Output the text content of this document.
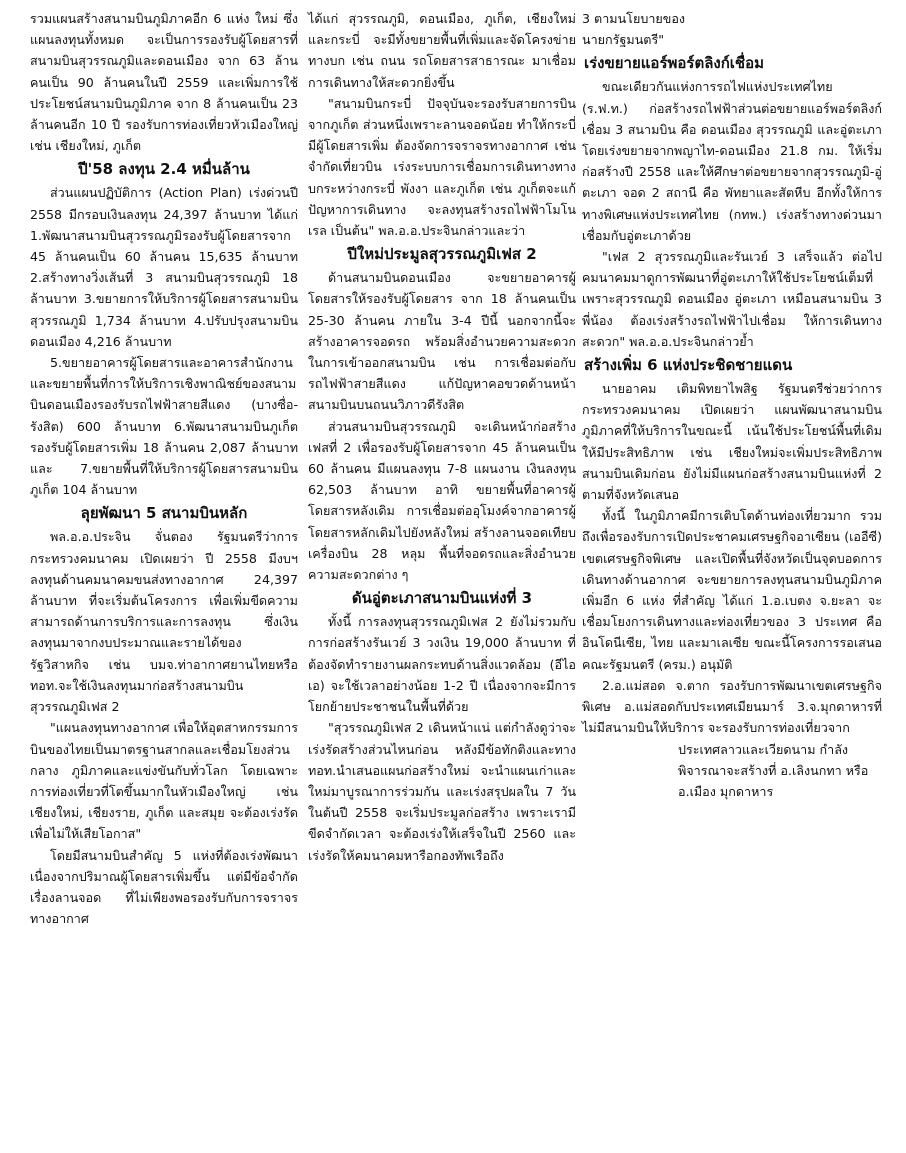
รวมแผนสร้างสนามบินภูมิภาคอีก 6 แห่ง ใหม่ ซึ่งแผนลงทุนทั้งหมด จะเป็นการรองรับผู้โดยสารที่สนามบินสุวรรณภูมิและดอนเมือง จาก 63 ล้านคนเป็น 90 ล้านคนในปี 2559 และเพิ่มการใช้ประโยชน์สนามบินภูมิภาค จาก 8 ล้านคนเป็น 23 ล้านคนอีก 10 ปี รองรับการท่องเที่ยวหัวเมืองใหญ่ เช่น เชียงใหม่, ภูเก็ต

ปี'58 ลงทุน 2.4 หมื่นล้าน

ส่วนแผนปฏิบัติการ (Action Plan) เร่งด่วนปี 2558 มีกรอบเงินลงทุน 24,397 ล้านบาท ได้แก่ 1.พัฒนาสนามบินสุวรรณภูมิรองรับผู้โดยสารจาก 45 ล้านคนเป็น 60 ล้านคน 15,635 ล้านบาท 2.สร้างทางวิ่งเส้นที่ 3 สนามบินสุวรรณภูมิ 18 ล้านบาท 3.ขยายการให้บริการผู้โดยสารสนามบินสุวรรณภูมิ 1,734 ล้านบาท 4.ปรับปรุงสนามบินดอนเมือง 4,216 ล้านบาท

5.ขยายอาคารผู้โดยสารและอาคารสำนักงานและขยายพื้นที่การให้บริการเชิงพาณิชย์ของสนามบินดอนเมืองรองรับรถไฟฟ้าสายสีแดง (บางซื่อ-รังสิต) 600 ล้านบาท 6.พัฒนาสนามบินภูเก็ตรองรับผู้โดยสารเพิ่ม 18 ล้านคน 2,087 ล้านบาท และ 7.ขยายพื้นที่ให้บริการผู้โดยสารสนามบินภูเก็ต 104 ล้านบาท

ลุยพัฒนา 5 สนามบินหลัก

พล.อ.อ.ประจิน จั่นตอง รัฐมนตรีว่าการกระทรวงคมนาคม เปิดเผยว่า ปี 2558 มีงบฯลงทุนด้านคมนาคมขนส่งทางอากาศ 24,397 ล้านบาท ที่จะเริ่มต้นโครงการ เพื่อเพิ่มขีดความสามารถด้านการบริการและการลงทุน ซึ่งเงินลงทุนมาจากงบประมาณและรายได้ของรัฐวิสาหกิจ เช่น บมจ.ท่าอากาศยานไทยหรือ ทอท.จะใช้เงินลงทุนมาก่อสร้างสนามบินสุวรรณภูมิเฟส 2

"แผนลงทุนทางอากาศ เพื่อให้อุตสาหกรรมการบินของไทยเป็นมาตรฐานสากลและเชื่อมโยงส่วนกลาง ภูมิภาคและแข่งขันกับทั่วโลก โดยเฉพาะการท่องเที่ยวที่โตขึ้นมากในหัวเมืองใหญ่ เช่น เชียงใหม่, เชียงราย, ภูเก็ต และสมุย จะต้องเร่งรัดเพื่อไม่ให้เสียโอกาส"

โดยมีสนามบินสำคัญ 5 แห่งที่ต้องเร่งพัฒนา เนื่องจากปริมาณผู้โดยสารเพิ่มขึ้น แต่มีข้อจำกัดเรื่องลานจอด ที่ไม่เพียงพอรองรับกับการจราจรทางอากาศ

ได้แก่ สุวรรณภูมิ, ดอนเมือง, ภูเก็ต, เชียงใหม่ และกระบี่ จะมีทั้งขยายพื้นที่เพิ่มและจัดโครงข่ายทางบก เช่น ถนน รถโดยสารสาธารณะ มาเชื่อมการเดินทางให้สะดวกยิ่งขึ้น

"สนามบินกระบี่ ปัจจุบันจะรองรับสายการบินจากภูเก็ต ส่วนหนึ่งเพราะลานจอดน้อย ทำให้กระบี่มีผู้โดยสารเพิ่ม ต้องจัดการจราจรทางอากาศ เช่น จำกัดเที่ยวบิน เร่งระบบการเชื่อมการเดินทางทางบกระหว่างกระบี่ พังงา และภูเก็ต เช่น ภูเก็ตจะแก้ปัญหาการเดินทาง จะลงทุนสร้างรถไฟฟ้าโมโนเรล เป็นต้น" พล.อ.อ.ประจินกล่าวและว่า

ปีใหม่ประมูลสุวรรณภูมิเฟส 2

ด้านสนามบินดอนเมือง จะขยายอาคารผู้โดยสารให้รองรับผู้โดยสาร จาก 18 ล้านคนเป็น 25-30 ล้านคน ภายใน 3-4 ปีนี้ นอกจากนี้จะสร้างอาคารจอดรถ พร้อมสิ่งอำนวยความสะดวกในการเข้าออกสนามบิน เช่น การเชื่อมต่อกับรถไฟฟ้าสายสีแดง แก้ปัญหาคอขวดด้านหน้าสนามบินบนถนนวิภาวดีรังสิต

ส่วนสนามบินสุวรรณภูมิ จะเดินหน้าก่อสร้างเฟสที่ 2 เพื่อรองรับผู้โดยสารจาก 45 ล้านคนเป็น 60 ล้านคน มีแผนลงทุน 7-8 แผนงาน เงินลงทุน 62,503 ล้านบาท อาทิ ขยายพื้นที่อาคารผู้โดยสารหลังเดิม การเชื่อมต่ออุโมงค์จากอาคารผู้โดยสารหลักเดิมไปยังหลังใหม่ สร้างลานจอดเทียบเครื่องบิน 28 หลุม พื้นที่จอดรถและสิ่งอำนวยความสะดวกต่าง ๆ

ดันอู่ตะเภาสนามบินแห่งที่ 3

ทั้งนี้ การลงทุนสุวรรณภูมิเฟส 2 ยังไม่รวมกับการก่อสร้างรันเวย์ 3 วงเงิน 19,000 ล้านบาท ที่ต้องจัดทำรายงานผลกระทบด้านสิ่งแวดล้อม (อีไอเอ) จะใช้เวลาอย่างน้อย 1-2 ปี เนื่องจากจะมีการโยกย้ายประชาชนในพื้นที่ด้วย

"สุวรรณภูมิเฟส 2 เดินหน้าแน่ แต่กำลังดูว่าจะเร่งรัดสร้างส่วนไหนก่อน หลังมีข้อทักติงและทาง ทอท.นำเสนอแผนก่อสร้างใหม่ จะนำแผนเก่าและใหม่มาบูรณาการร่วมกัน และเร่งสรุปผลใน 7 วัน ในต้นปี 2558 จะเริ่มประมูลก่อสร้าง เพราะเรามีขีดจำกัดเวลา จะต้องเร่งให้เสร็จในปี 2560 และเร่งรัดให้คมนาคมหารือกองทัพเรือถึง

3 ตามนโยบายของ

นายกรัฐมนตรี"

เร่งขยายแอร์พอร์ตลิงก์เชื่อม

ขณะเดียวกันแห่งการรถไฟแห่งประเทศไทย (ร.ฟ.ท.) ก่อสร้างรถไฟฟ้าส่วนต่อขยายแอร์พอร์ตลิงก์ เชื่อม 3 สนามบิน คือ ดอนเมือง สุวรรณภูมิ และอู่ตะเภา โดยเร่งขยายจากพญาไท-ดอนเมือง 21.8 กม. ให้เริ่มก่อสร้างปี 2558 และให้ศึกษาต่อขยายจากสุวรรณภูมิ-อู่ตะเภา จอด 2 สถานี คือ พัทยาและสัตหีบ อีกทั้งให้การทางพิเศษแห่งประเทศไทย (กทพ.) เร่งสร้างทางด่วนมาเชื่อมกับอู่ตะเภาด้วย

"เฟส 2 สุวรรณภูมิและรันเวย์ 3 เสร็จแล้ว ต่อไปคมนาคมมาดูการพัฒนาที่อู่ตะเภาให้ใช้ประโยชน์เต็มที่ เพราะสุวรรณภูมิ ดอนเมือง อู่ตะเภา เหมือนสนามบิน 3 พี่น้อง ต้องเร่งสร้างรถไฟฟ้าไปเชื่อม ให้การเดินทางสะดวก" พล.อ.อ.ประจินกล่าวย้ำ

สร้างเพิ่ม 6 แห่งประชิดชายแดน

นายอาคม เติมพิทยาไพสิฐ รัฐมนตรีช่วยว่าการกระทรวงคมนาคม เปิดเผยว่า แผนพัฒนาสนามบินภูมิภาคที่ให้บริการในขณะนี้ เน้นใช้ประโยชน์พื้นที่เดิมให้มีประสิทธิภาพ เช่น เชียงใหม่จะเพิ่มประสิทธิภาพสนามบินเดิมก่อน ยังไม่มีแผนก่อสร้างสนามบินแห่งที่ 2 ตามที่จังหวัดเสนอ

ทั้งนี้ ในภูมิภาคมีการเติบโตด้านท่องเที่ยวมาก รวมถึงเพื่อรองรับการเปิดประชาคมเศรษฐกิจอาเซียน (เออีซี) เขตเศรษฐกิจพิเศษ และเปิดพื้นที่จังหวัดเป็นจุดบอดการเดินทางด้านอากาศ จะขยายการลงทุนสนามบินภูมิภาคเพิ่มอีก 6 แห่ง ที่สำคัญ ได้แก่ 1.อ.เบตง จ.ยะลา จะเชื่อมโยงการเดินทางและท่องเที่ยวของ 3 ประเทศ คือ อินโดนีเซีย, ไทย และมาเลเซีย ขณะนี้โครงการรอเสนอคณะรัฐมนตรี (ครม.) อนุมัติ

2.อ.แม่สอด จ.ตาก รองรับการพัฒนาเขตเศรษฐกิจพิเศษ อ.แม่สอดกับประเทศเมียนมาร์ 3.จ.มุกดาหารที่ไม่มีสนามบินให้บริการ จะรองรับการท่องเที่ยวจาก

ประเทศลาวและเวียดนาม กำลังพิจารณาจะสร้างที่ อ.เลิงนกทา หรือ อ.เมือง มุกดาหาร
